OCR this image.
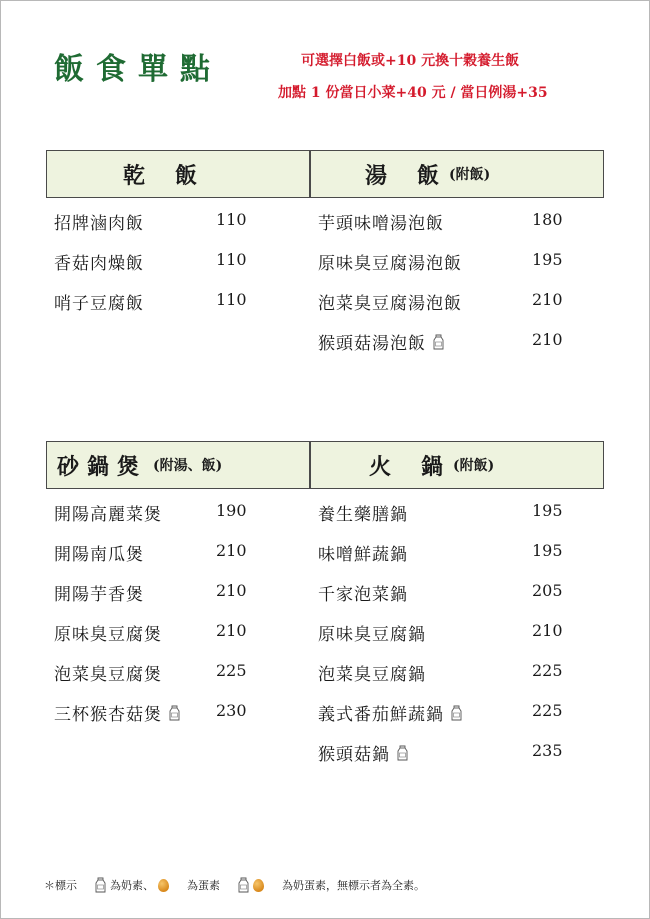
飯食單點	可選擇白飯或+10 元換十穀養生飯
加點 1 份當日小菜+40 元 / 當日例湯+35
乾　飯	湯　飯 (附飯)
招牌滷肉飯	110
香菇肉燥飯	110
哨子豆腐飯	110
芋頭味噌湯泡飯	180
原味臭豆腐湯泡飯	195
泡菜臭豆腐湯泡飯	210
猴頭菇湯泡飯	210
砂鍋煲 (附湯、飯)	火　鍋 (附飯)
開陽高麗菜煲	190
開陽南瓜煲	210
開陽芋香煲	210
原味臭豆腐煲	210
泡菜臭豆腐煲	225
三杯猴杏菇煲	230
養生藥膳鍋	195
味噌鮮蔬鍋	195
千家泡菜鍋	205
原味臭豆腐鍋	210
泡菜臭豆腐鍋	225
義式番茄鮮蔬鍋	225
猴頭菇鍋	235
＊標示	為奶素、	為蛋素	為奶蛋素，無標示者為全素。
